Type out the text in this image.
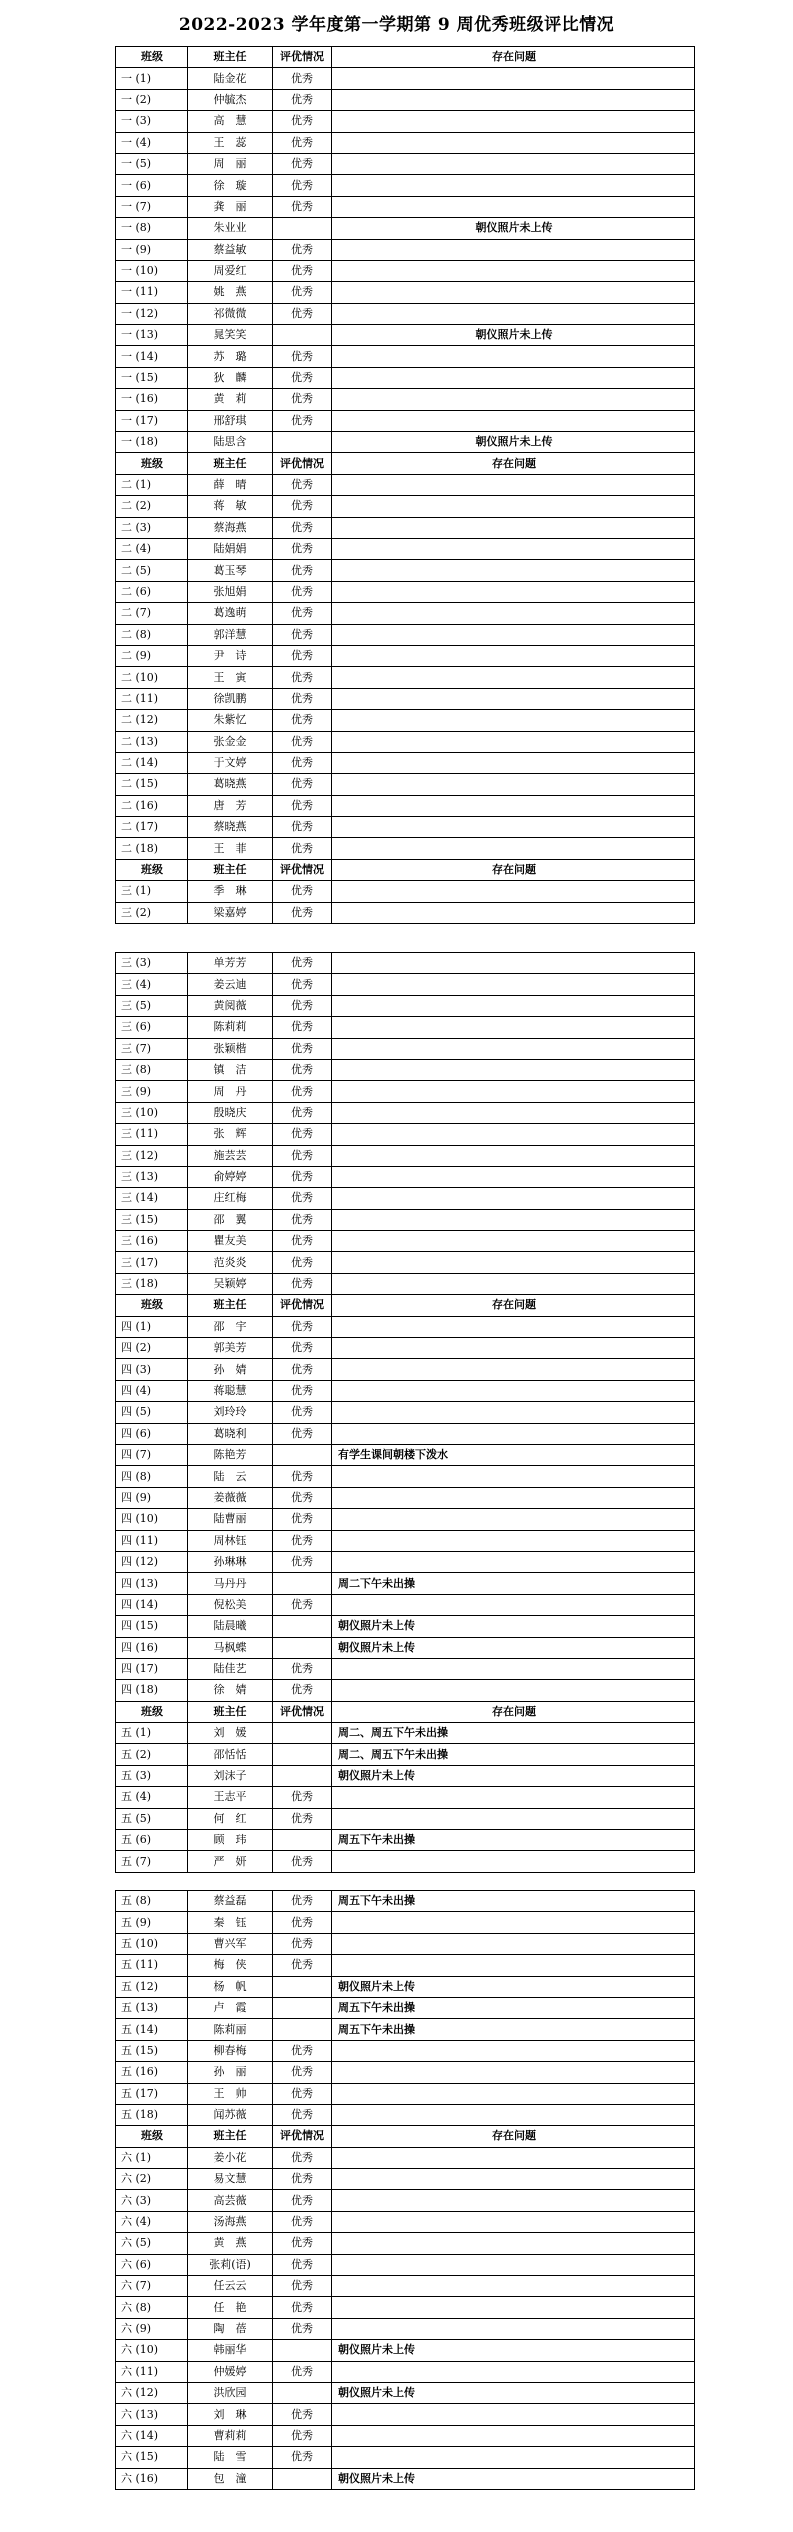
2022-2023 学年度第一学期第 9 周优秀班级评比情况
班级	班主任	评优情况	存在问题
一 (1)	陆金花	优秀	
一 (2)	仲毓杰	优秀	
一 (3)	高　慧	优秀	
一 (4)	王　蕊	优秀	
一 (5)	周　丽	优秀	
一 (6)	徐　璇	优秀	
一 (7)	龚　丽	优秀	
一 (8)	朱业业		朝仪照片未上传
一 (9)	蔡益敏	优秀	
一 (10)	周爱红	优秀	
一 (11)	姚　燕	优秀	
一 (12)	祁微微	优秀	
一 (13)	晁笑笑		朝仪照片未上传
一 (14)	苏　璐	优秀	
一 (15)	狄　麟	优秀	
一 (16)	黄　莉	优秀	
一 (17)	邢舒琪	优秀	
一 (18)	陆思含		朝仪照片未上传
班级	班主任	评优情况	存在问题
二 (1)	薛　晴	优秀	
二 (2)	蒋　敏	优秀	
二 (3)	蔡海燕	优秀	
二 (4)	陆娟娟	优秀	
二 (5)	葛玉琴	优秀	
二 (6)	张旭娟	优秀	
二 (7)	葛逸萌	优秀	
二 (8)	郭洋慧	优秀	
二 (9)	尹　诗	优秀	
二 (10)	王　寅	优秀	
二 (11)	徐凯鹏	优秀	
二 (12)	朱紫忆	优秀	
二 (13)	张金金	优秀	
二 (14)	于文婷	优秀	
二 (15)	葛晓燕	优秀	
二 (16)	唐　芳	优秀	
二 (17)	蔡晓燕	优秀	
二 (18)	王　菲	优秀	
班级	班主任	评优情况	存在问题
三 (1)	季　琳	优秀	
三 (2)	梁嘉婷	优秀	
三 (3)	单芳芳	优秀	
三 (4)	姜云迪	优秀	
三 (5)	黄阅薇	优秀	
三 (6)	陈莉莉	优秀	
三 (7)	张颖楷	优秀	
三 (8)	镇　洁	优秀	
三 (9)	周　丹	优秀	
三 (10)	殷晓庆	优秀	
三 (11)	张　辉	优秀	
三 (12)	施芸芸	优秀	
三 (13)	俞婷婷	优秀	
三 (14)	庄红梅	优秀	
三 (15)	邵　翼	优秀	
三 (16)	瞿友美	优秀	
三 (17)	范炎炎	优秀	
三 (18)	吴颖婷	优秀	
班级	班主任	评优情况	存在问题
四 (1)	邵　宇	优秀	
四 (2)	郭美芳	优秀	
四 (3)	孙　婧	优秀	
四 (4)	蒋聪慧	优秀	
四 (5)	刘玲玲	优秀	
四 (6)	葛晓利	优秀	
四 (7)	陈艳芳		有学生课间朝楼下泼水
四 (8)	陆　云	优秀	
四 (9)	姜薇薇	优秀	
四 (10)	陆曹丽	优秀	
四 (11)	周林钰	优秀	
四 (12)	孙琳琳	优秀	
四 (13)	马丹丹		周二下午未出操
四 (14)	倪松美	优秀	
四 (15)	陆晨曦		朝仪照片未上传
四 (16)	马枫蝶		朝仪照片未上传
四 (17)	陆佳艺	优秀	
四 (18)	徐　婧	优秀	
班级	班主任	评优情况	存在问题
五 (1)	刘　媛		周二、周五下午未出操
五 (2)	邵恬恬		周二、周五下午未出操
五 (3)	刘沫子		朝仪照片未上传
五 (4)	王志平	优秀	
五 (5)	何　红	优秀	
五 (6)	顾　玮		周五下午未出操
五 (7)	严　妍	优秀	
五 (8)	蔡益磊	优秀	周五下午未出操
五 (9)	秦　钰	优秀	
五 (10)	曹兴军	优秀	
五 (11)	梅　侠	优秀	
五 (12)	杨　帆		朝仪照片未上传
五 (13)	卢　霞		周五下午未出操
五 (14)	陈莉丽		周五下午未出操
五 (15)	柳春梅	优秀	
五 (16)	孙　丽	优秀	
五 (17)	王　帅	优秀	
五 (18)	闻苏薇	优秀	
班级	班主任	评优情况	存在问题
六 (1)	姜小花	优秀	
六 (2)	易文慧	优秀	
六 (3)	高芸薇	优秀	
六 (4)	汤海燕	优秀	
六 (5)	黄　燕	优秀	
六 (6)	张莉(语)	优秀	
六 (7)	任云云	优秀	
六 (8)	任　艳	优秀	
六 (9)	陶　蓓	优秀	
六 (10)	韩丽华		朝仪照片未上传
六 (11)	仲媛婷	优秀	
六 (12)	洪欣园		朝仪照片未上传
六 (13)	刘　琳	优秀	
六 (14)	曹莉莉	优秀	
六 (15)	陆　雪	优秀	
六 (16)	包　潼		朝仪照片未上传
